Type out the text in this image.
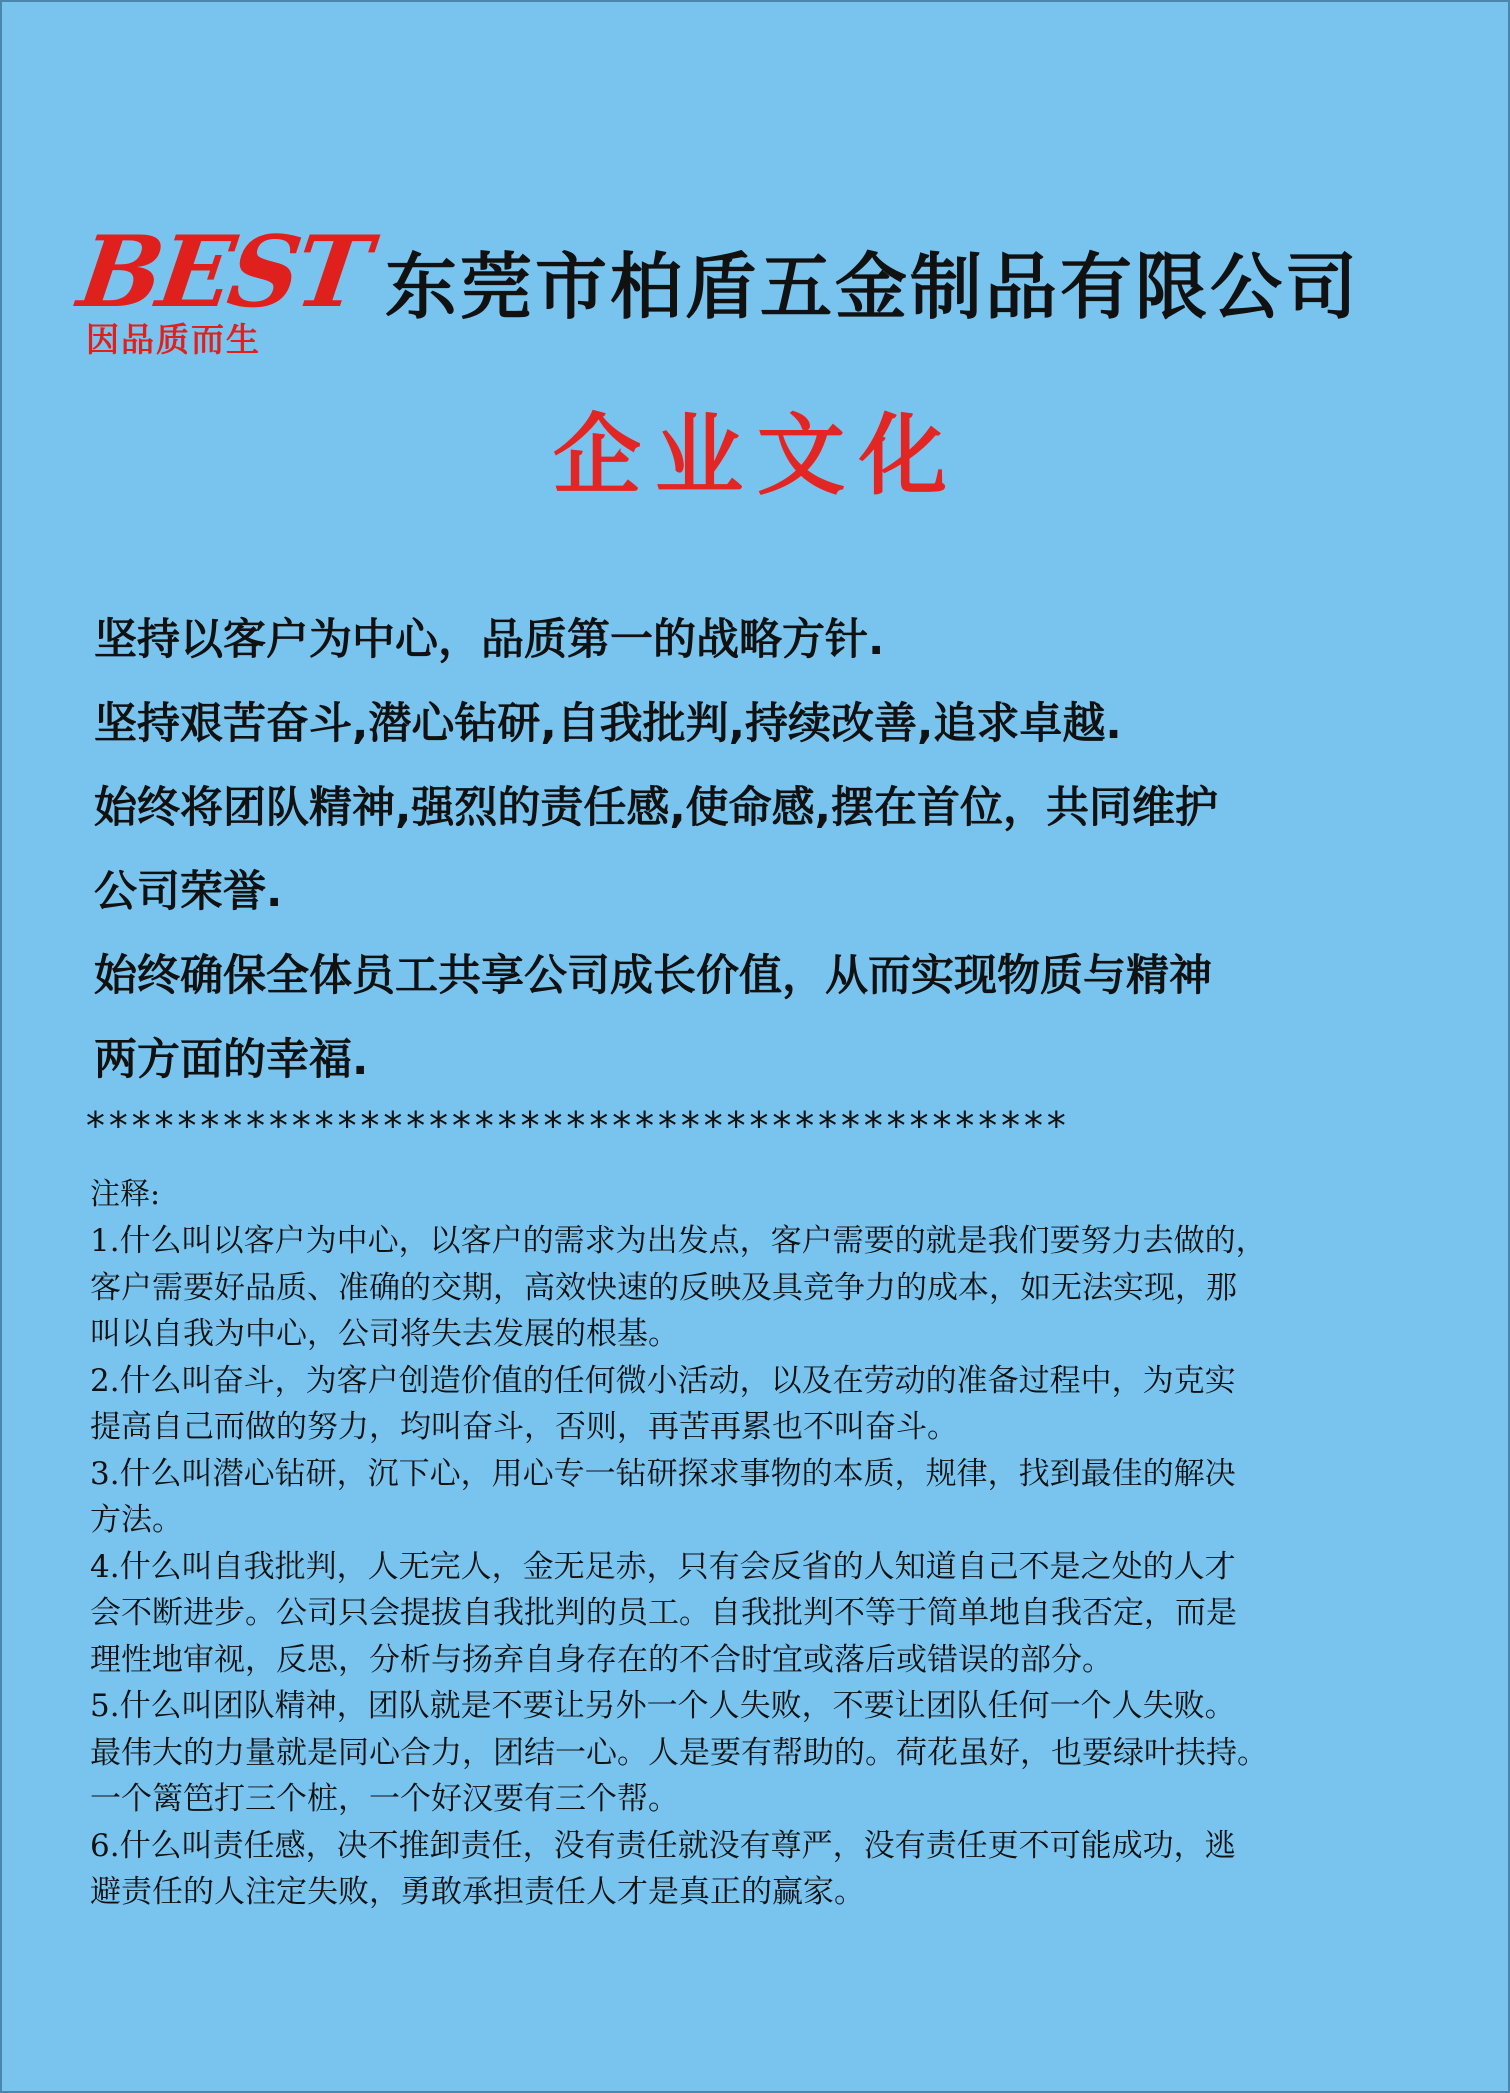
BEST
因品质而生
东莞市柏盾五金制品有限公司
企业文化
坚持以客户为中心，品质第一的战略方针.
坚持艰苦奋斗,潜心钻研,自我批判,持续改善,追求卓越.
始终将团队精神,强烈的责任感,使命感,摆在首位，共同维护
公司荣誉.
始终确保全体员工共享公司成长价值，从而实现物质与精神
两方面的幸福.
*******************************************
注释:
1.什么叫以客户为中心，以客户的需求为出发点，客户需要的就是我们要努力去做的，
客户需要好品质、准确的交期，高效快速的反映及具竞争力的成本，如无法实现，那
叫以自我为中心，公司将失去发展的根基。
2.什么叫奋斗，为客户创造价值的任何微小活动，以及在劳动的准备过程中，为克实
提高自己而做的努力，均叫奋斗，否则，再苦再累也不叫奋斗。
3.什么叫潜心钻研，沉下心，用心专一钻研探求事物的本质，规律，找到最佳的解决
方法。
4.什么叫自我批判，人无完人，金无足赤，只有会反省的人知道自己不是之处的人才
会不断进步。公司只会提拔自我批判的员工。自我批判不等于简单地自我否定，而是
理性地审视，反思，分析与扬弃自身存在的不合时宜或落后或错误的部分。
5.什么叫团队精神，团队就是不要让另外一个人失败，不要让团队任何一个人失败。
最伟大的力量就是同心合力，团结一心。人是要有帮助的。荷花虽好，也要绿叶扶持。
一个篱笆打三个桩，一个好汉要有三个帮。
6.什么叫责任感，决不推卸责任，没有责任就没有尊严，没有责任更不可能成功，逃
避责任的人注定失败，勇敢承担责任人才是真正的赢家。
